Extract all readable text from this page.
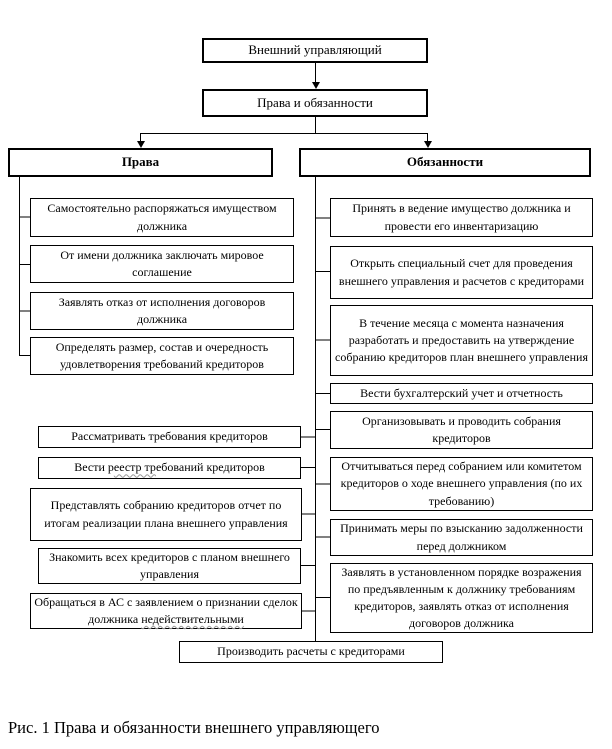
Внешний управляющий
Права и обязанности
Права	Обязанности
Самостоятельно распоряжаться имуществом должника
От имени должника заключать мировое соглашение
Заявлять отказ от исполнения договоров должника
Определять размер, состав и очередность удовлетворения требований кредиторов
Рассматривать требования кредиторов
Вести реестр требований кредиторов
Представлять собранию кредиторов отчет по итогам реализации плана внешнего управления
Знакомить всех кредиторов с планом внешнего управления
Обращаться в АС с заявлением о признании сделок должника недействительными
Принять в ведение имущество должника и провести его инвентаризацию
Открыть специальный счет для проведения внешнего управления и расчетов с кредиторами
В течение месяца с момента назначения разработать и предоставить на утверждение собранию кредиторов план внешнего управления
Вести бухгалтерский учет и отчетность
Организовывать и проводить собрания кредиторов
Отчитываться перед собранием или комитетом кредиторов о ходе внешнего управления (по их требованию)
Принимать меры по взысканию задолженности перед должником
Заявлять в установленном порядке возражения по предъявленным к должнику требованиям кредиторов, заявлять отказ от исполнения договоров должника
Производить расчеты с кредиторами
Рис. 1 Права и обязанности внешнего управляющего
